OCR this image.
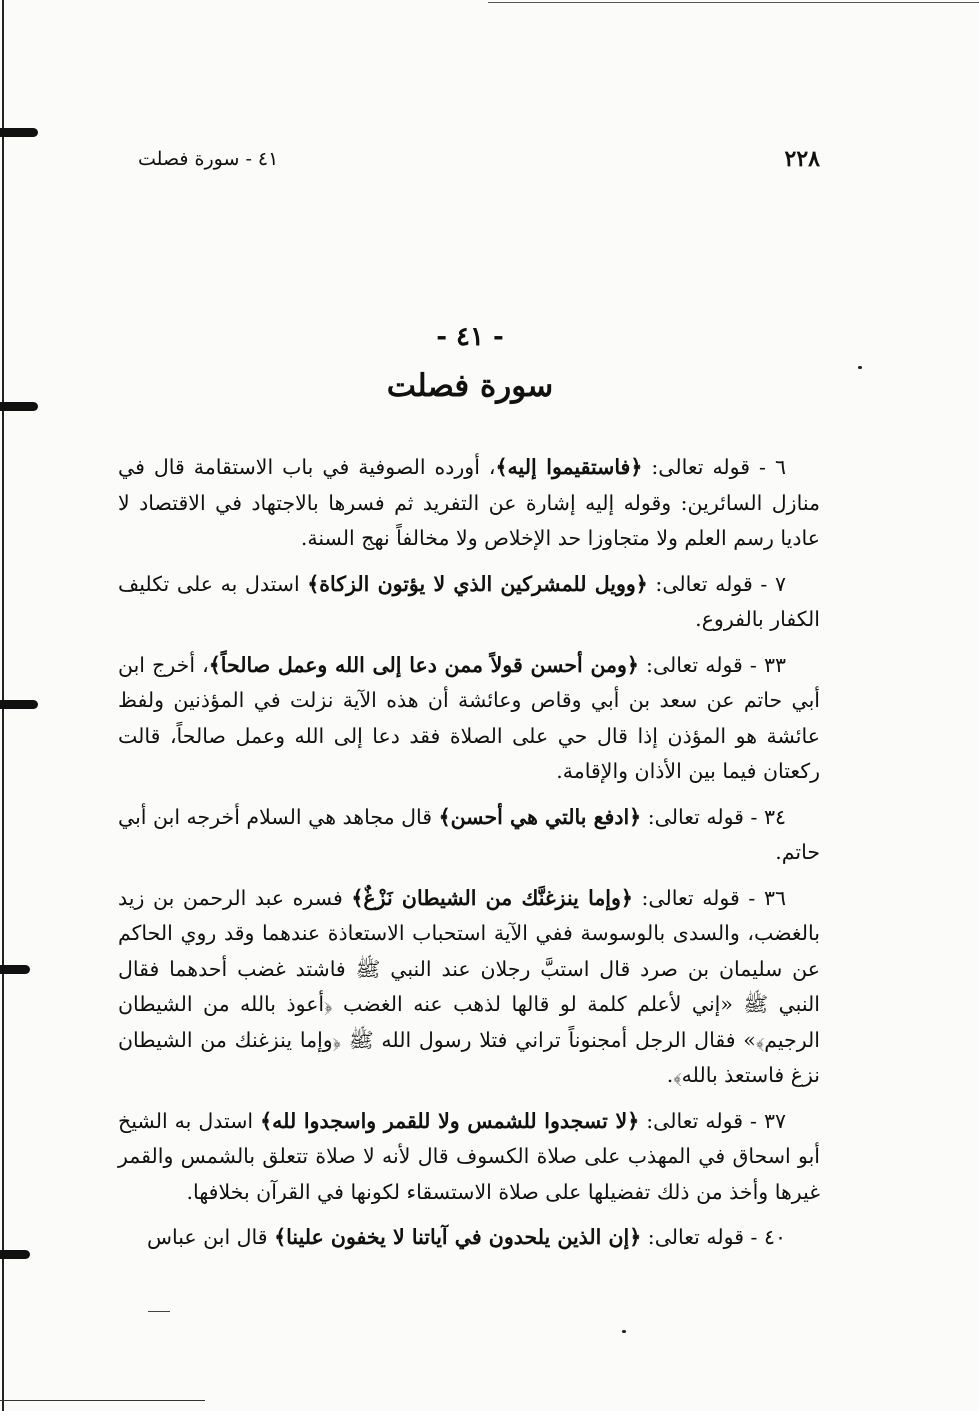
٢٢٨
٤١ - سورة فصلت
- ٤١ -
سورة فصلت

٦ - قوله تعالى: ﴿فاستقيموا إليه﴾، أورده الصوفية في باب الاستقامة قال في منازل السائرين: وقوله إليه إشارة عن التفريد ثم فسرها بالاجتهاد في الاقتصاد لا عاديا رسم العلم ولا متجاوزا حد الإخلاص ولا مخالفاً نهج السنة.

٧ - قوله تعالى: ﴿وويل للمشركين الذي لا يؤتون الزكاة﴾ استدل به على تكليف الكفار بالفروع.

٣٣ - قوله تعالى: ﴿ومن أحسن قولاً ممن دعا إلى الله وعمل صالحاً﴾، أخرج ابن أبي حاتم عن سعد بن أبي وقاص وعائشة أن هذه الآية نزلت في المؤذنين ولفظ عائشة هو المؤذن إذا قال حي على الصلاة فقد دعا إلى الله وعمل صالحاً، قالت ركعتان فيما بين الأذان والإقامة.

٣٤ - قوله تعالى: ﴿ادفع بالتي هي أحسن﴾ قال مجاهد هي السلام أخرجه ابن أبي حاتم.

٣٦ - قوله تعالى: ﴿وإما ينزغنَّك من الشيطان نَزْغٌ﴾ فسره عبد الرحمن بن زيد بالغضب، والسدى بالوسوسة ففي الآية استحباب الاستعاذة عندهما وقد روي الحاكم عن سليمان بن صرد قال استبَّ رجلان عند النبي ﷺ فاشتد غضب أحدهما فقال النبي ﷺ «إني لأعلم كلمة لو قالها لذهب عنه الغضب ﴿أعوذ بالله من الشيطان الرجيم﴾» فقال الرجل أمجنوناً تراني فتلا رسول الله ﷺ ﴿وإما ينزغنك من الشيطان نزغ فاستعذ بالله﴾.

٣٧ - قوله تعالى: ﴿لا تسجدوا للشمس ولا للقمر واسجدوا لله﴾ استدل به الشيخ أبو اسحاق في المهذب على صلاة الكسوف قال لأنه لا صلاة تتعلق بالشمس والقمر غيرها وأخذ من ذلك تفضيلها على صلاة الاستسقاء لكونها في القرآن بخلافها.

٤٠ - قوله تعالى: ﴿إن الذين يلحدون في آياتنا لا يخفون علينا﴾ قال ابن عباس
